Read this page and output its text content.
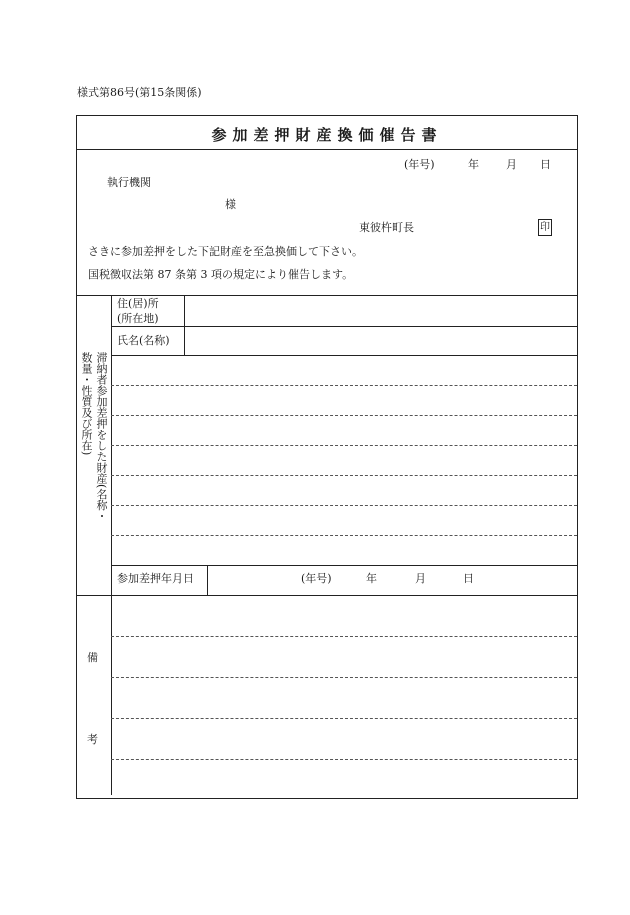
様式第86号(第15条関係)
参加差押財産換価催告書
(年号)	年 月 日
執行機関
様
東彼杵町長	印
さきに参加差押をした下記財産を至急換価して下さい。
国税徴収法第 87 条第 3 項の規定により催告します。
数量・性質及び所在) 滞納者参加差押をした財産(名称・
住(居)所
(所在地)
氏名(名称)
参加差押年月日	(年号)	年	月	日
備
考
